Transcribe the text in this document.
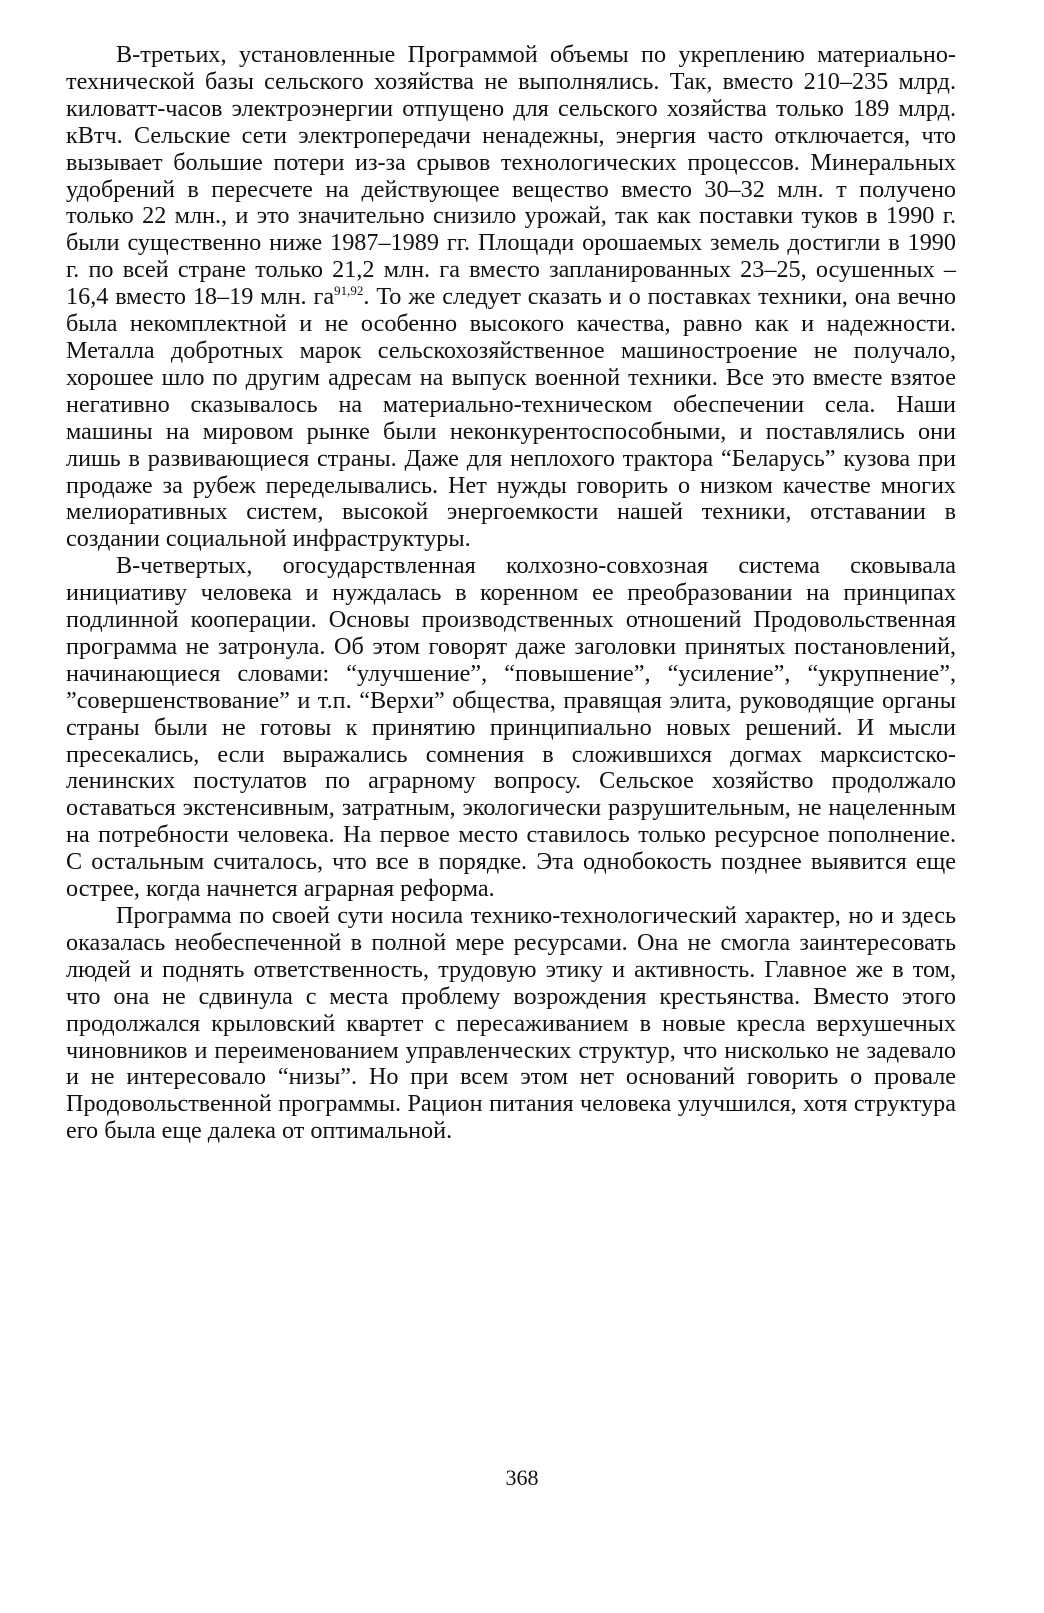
В-третьих, установленные Программой объемы по укреплению материально-технической базы сельского хозяйства не выполнялись. Так, вместо 210–235 млрд. киловатт-часов электроэнергии отпущено для сельского хозяйства только 189 млрд. кВтч. Сельские сети электропередачи ненадежны, энергия часто отключается, что вызывает большие потери из-за срывов технологических процессов. Минеральных удобрений в пересчете на действующее вещество вместо 30–32 млн. т получено только 22 млн., и это значительно снизило урожай, так как поставки туков в 1990 г. были существенно ниже 1987–1989 гг. Площади орошаемых земель достигли в 1990 г. по всей стране только 21,2 млн. га вместо запланированных 23–25, осушенных – 16,4 вместо 18–19 млн. га$^{91,92}$. То же следует сказать и о поставках техники, она вечно была некомплектной и не особенно высокого качества, равно как и надежности. Металла добротных марок сельскохозяйственное машиностроение не получало, хорошее шло по другим адресам на выпуск военной техники. Все это вместе взятое негативно сказывалось на материально-техническом обеспечении села. Наши машины на мировом рынке были неконкурентоспособными, и поставлялись они лишь в развивающиеся страны. Даже для неплохого трактора “Беларусь” кузова при продаже за рубеж переделывались. Нет нужды говорить о низком качестве многих мелиоративных систем, высокой энергоемкости нашей техники, отставании в создании социальной инфраструктуры.

В-четвертых, огосударствленная колхозно-совхозная система сковывала инициативу человека и нуждалась в коренном ее преобразовании на принципах подлинной кооперации. Основы производственных отношений Продовольственная программа не затронула. Об этом говорят даже заголовки принятых постановлений, начинающиеся словами: “улучшение”, “повышение”, “усиление”, “укрупнение”, ”совершенствование” и т.п. “Верхи” общества, правящая элита, руководящие органы страны были не готовы к принятию принципиально новых решений. И мысли пресекались, если выражались сомнения в сложившихся догмах марксистско-ленинских постулатов по аграрному вопросу. Сельское хозяйство продолжало оставаться экстенсивным, затратным, экологически разрушительным, не нацеленным на потребности человека. На первое место ставилось только ресурсное пополнение. С остальным считалось, что все в порядке. Эта однобокость позднее выявится еще острее, когда начнется аграрная реформа.

Программа по своей сути носила технико-технологический характер, но и здесь оказалась необеспеченной в полной мере ресурсами. Она не смогла заинтересовать людей и поднять ответственность, трудовую этику и активность. Главное же в том, что она не сдвинула с места проблему возрождения крестьянства. Вместо этого продолжался крыловский квартет с пересаживанием в новые кресла верхушечных чиновников и переименованием управленческих структур, что нисколько не задевало и не интересовало “низы”. Но при всем этом нет оснований говорить о провале Продовольственной программы. Рацион питания человека улучшился, хотя структура его была еще далека от оптимальной.

368
